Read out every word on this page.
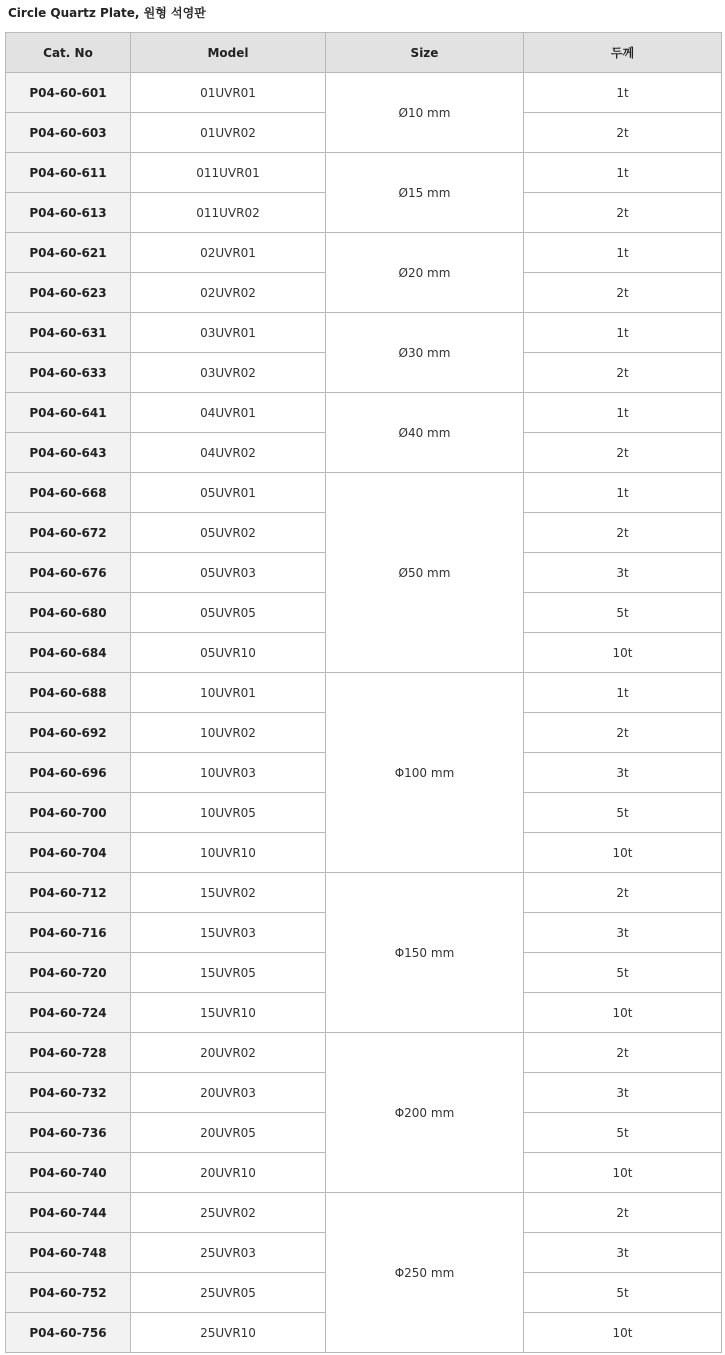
Circle Quartz Plate, 원형 석영판
Cat. No	Model	Size	두께
P04-60-601	01UVR01	Ø10 mm	1t
P04-60-603	01UVR02		2t
P04-60-611	011UVR01	Ø15 mm	1t
P04-60-613	011UVR02		2t
P04-60-621	02UVR01	Ø20 mm	1t
P04-60-623	02UVR02		2t
P04-60-631	03UVR01	Ø30 mm	1t
P04-60-633	03UVR02		2t
P04-60-641	04UVR01	Ø40 mm	1t
P04-60-643	04UVR02		2t
P04-60-668	05UVR01	Ø50 mm	1t
P04-60-672	05UVR02		2t
P04-60-676	05UVR03		3t
P04-60-680	05UVR05		5t
P04-60-684	05UVR10		10t
P04-60-688	10UVR01	Φ100 mm	1t
P04-60-692	10UVR02		2t
P04-60-696	10UVR03		3t
P04-60-700	10UVR05		5t
P04-60-704	10UVR10		10t
P04-60-712	15UVR02	Φ150 mm	2t
P04-60-716	15UVR03		3t
P04-60-720	15UVR05		5t
P04-60-724	15UVR10		10t
P04-60-728	20UVR02	Φ200 mm	2t
P04-60-732	20UVR03		3t
P04-60-736	20UVR05		5t
P04-60-740	20UVR10		10t
P04-60-744	25UVR02	Φ250 mm	2t
P04-60-748	25UVR03		3t
P04-60-752	25UVR05		5t
P04-60-756	25UVR10		10t
